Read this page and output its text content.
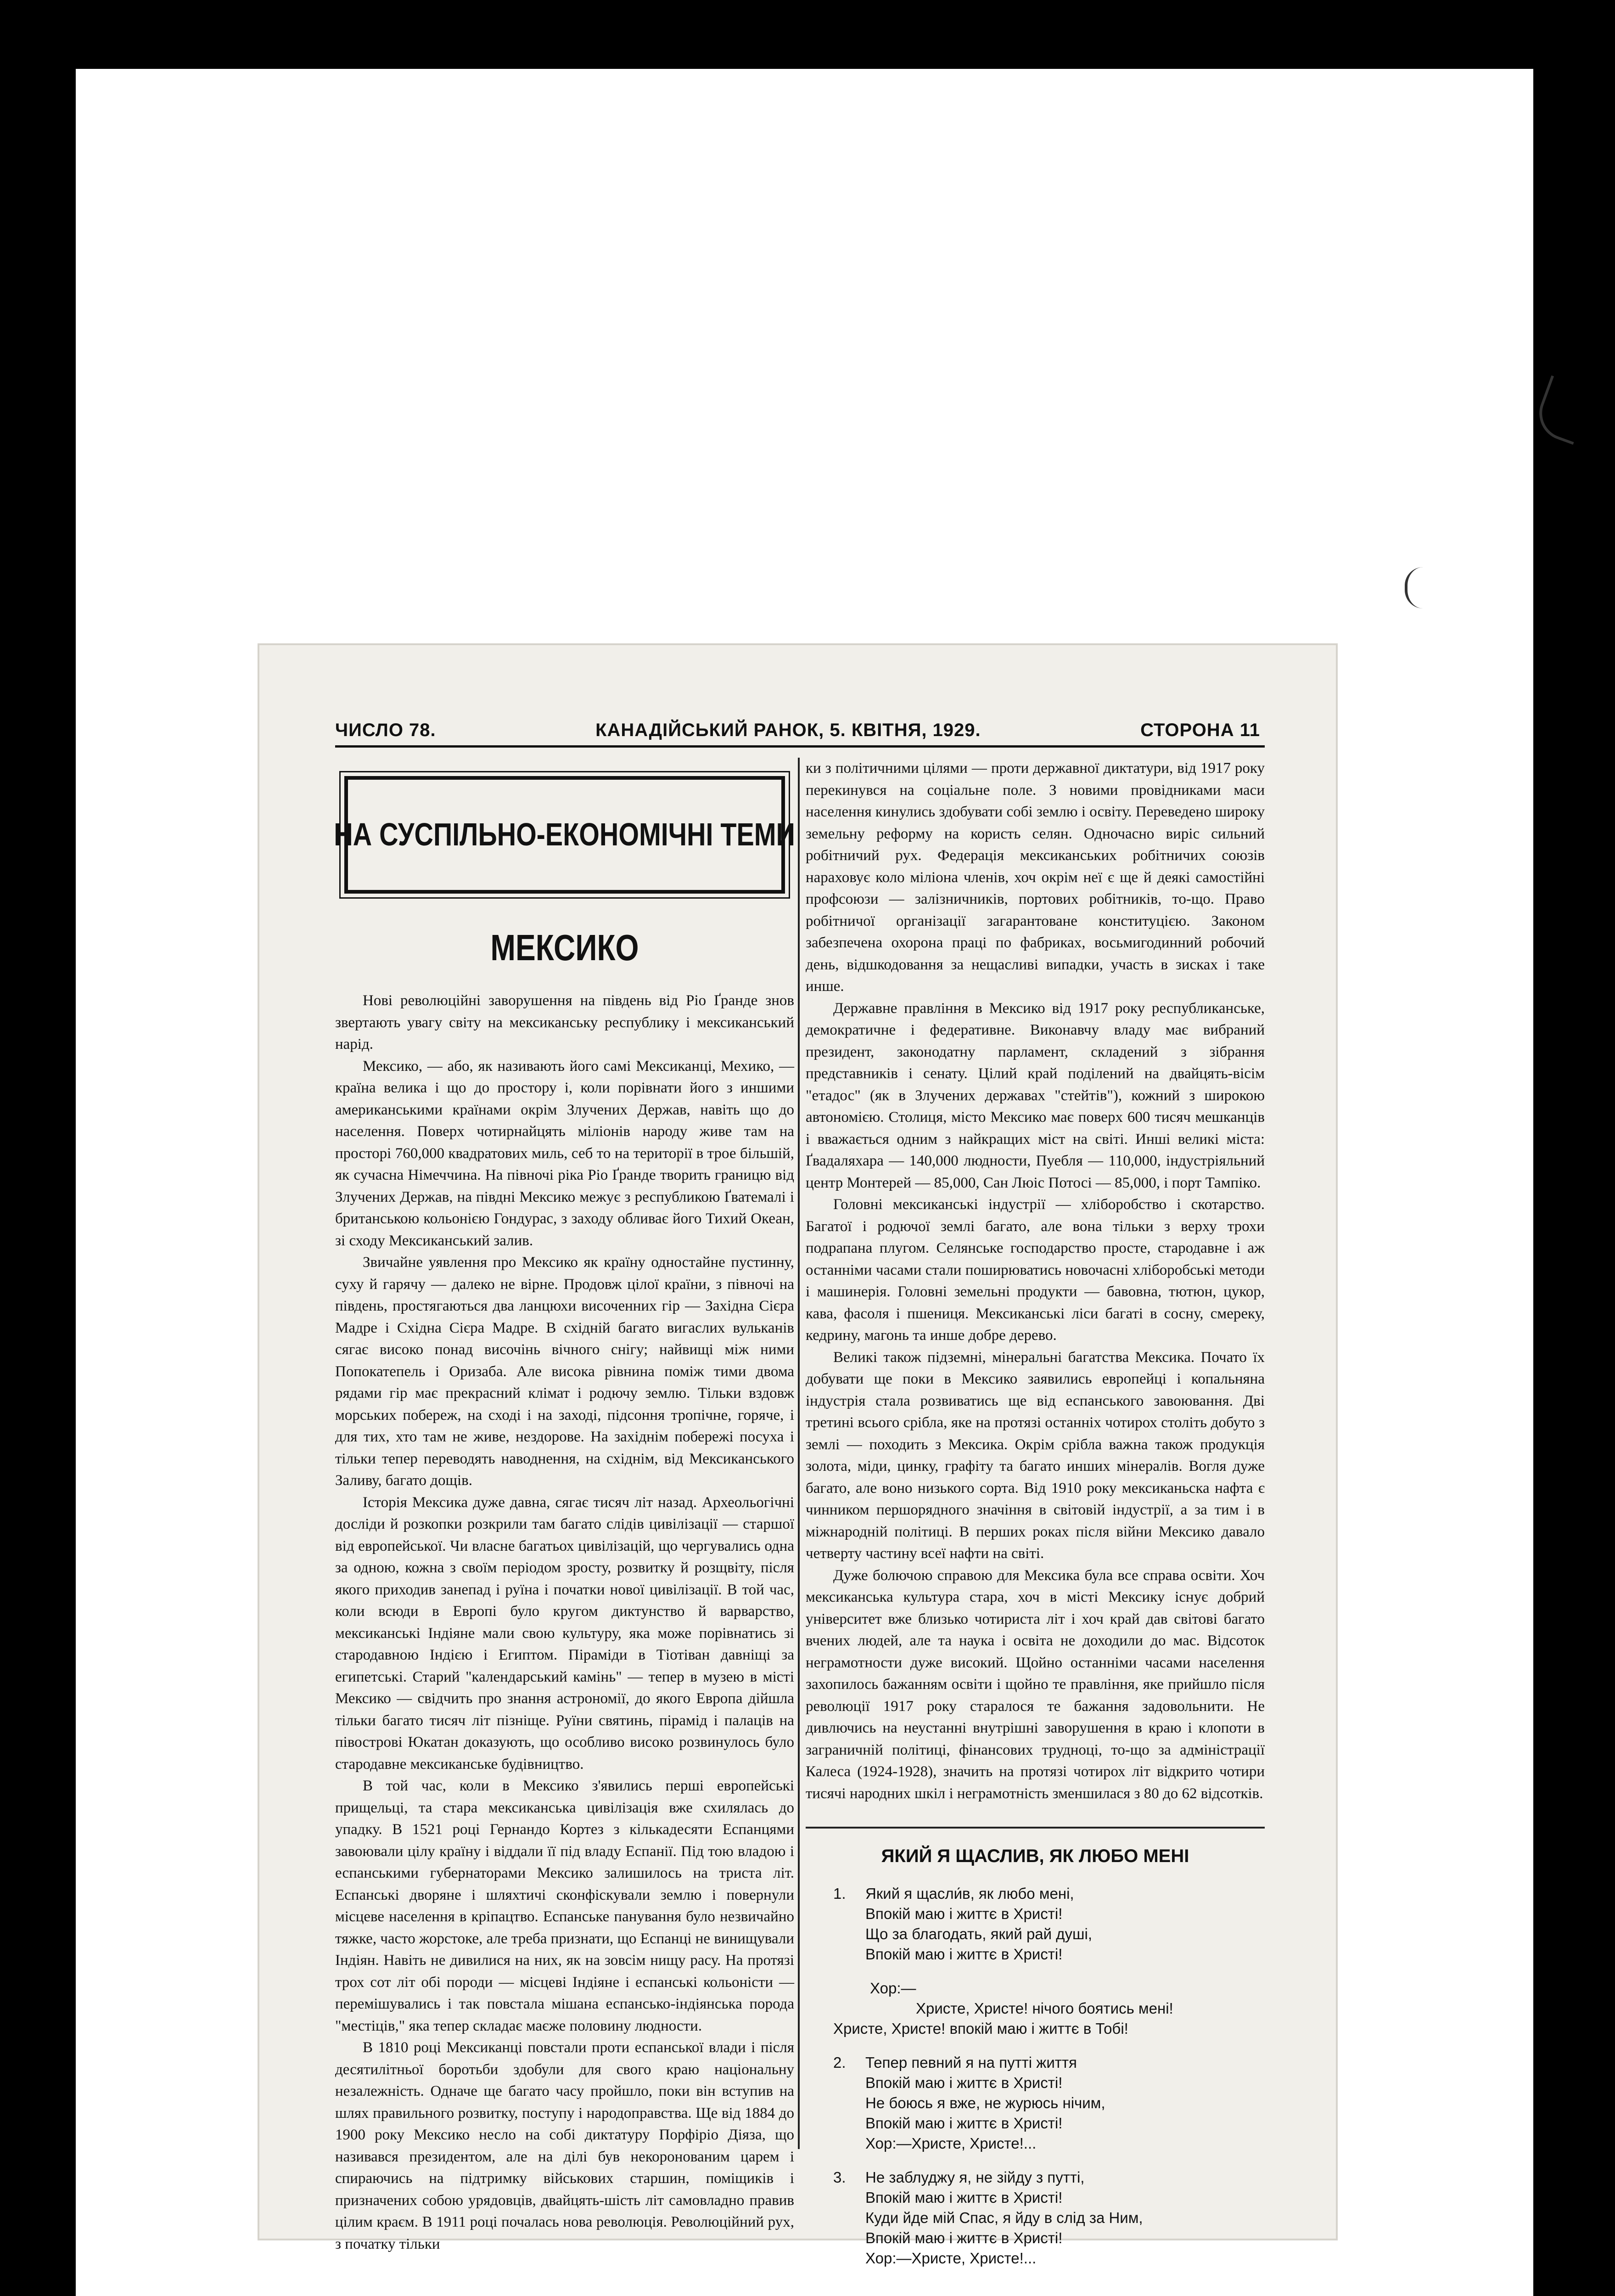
ЧИСЛО 78.	КАНАДІЙСЬКИЙ РАНОК, 5. КВІТНЯ, 1929.	СТОРОНА 11
НА СУСПІЛЬНО-ЕКОНОМІЧНІ ТЕМИ
МЕКСИКО

Нові революційні заворушення на південь від Ріо Ґранде знов звертають увагу світу на мексиканську республику і мексиканський нарід.

Мексико, — або, як називають його самі Мексиканці, Мехико, — країна велика і що до простору і, коли порівнати його з иншими американськими країнами окрім Злучених Держав, навіть що до населення. Поверх чотирнайцять міліонів народу живе там на просторі 760,000 квадратових миль, себ то на території в трое більшій, як сучасна Німеччина. На півночі ріка Ріо Ґранде творить границю від Злучених Держав, на півдні Мексико межує з республикою Ґватемалі і британською кольонією Гондурас, з заходу обливає його Тихий Океан, зі сходу Мексиканський залив.

Звичайне уявлення про Мексико як країну одностайне пустинну, суху й гарячу — далеко не вірне. Продовж цілої країни, з півночі на південь, простягаються два ланцюхи височенних гір — Західна Сієра Мадре і Східна Сієра Мадре. В східній багато вигаслих вульканів сягає високо понад височінь вічного снігу; найвищі між ними Попокатепель і Оризаба. Але висока рівнина поміж тими двома рядами гір має прекрасний клімат і родючу землю. Тільки вздовж морських побереж, на сході і на заході, підсоння тропічне, горяче, і для тих, хто там не живе, нездорове. На західнім побережі посуха і тільки тепер переводять наводнення, на східнім, від Мексиканського Заливу, багато дощів.

Історія Мексика дуже давна, сягає тисяч літ назад. Археольогічні досліди й розкопки розкрили там багато слідів цивілізації — старшої від европейської. Чи власне багатьох цивілізацій, що чергувались одна за одною, кожна з своїм періодом зросту, розвитку й розщвіту, після якого приходив занепад і руїна і початки нової цивілізації. В той час, коли всюди в Европі було кругом диктунство й варварство, мексиканські Індіяне мали свою культуру, яка може порівнатись зі стародавною Індією і Египтом. Піраміди в Тіотіван давніщі за египетські. Старий "календарський камінь" — тепер в музею в місті Мексико — свідчить про знання астрономії, до якого Европа дійшла тільки багато тисяч літ пізніще. Руїни святинь, пірамід і палаців на півострові Юкатан доказують, що особливо високо розвинулось було стародавне мексиканське будівництво.

В той час, коли в Мексико з'явились перші европейські прищельці, та стара мексиканська цивілізація вже схилялась до упадку. В 1521 році Гернандо Кортез з кількадесяти Еспанцями завоювали цілу країну і віддали її під владу Еспанії. Під тою владою і еспанськими губернаторами Мексико залишилось на триста літ. Еспанські дворяне і шляхтичі сконфіскували землю і повернули місцеве населення в кріпацтво. Еспанське панування було незвичайно тяжке, часто жорстоке, але треба признати, що Еспанці не винищували Індіян. Навіть не дивилися на них, як на зовсім нищу расу. На протязі трох сот літ обі породи — місцеві Індіяне і еспанські кольоністи — перемішувались і так повстала мішана еспансько-індіянська порода "местіців," яка тепер складає маєже половину людности.

В 1810 році Мексиканці повстали проти еспанської влади і після десятилітньої боротьби здобули для свого краю національну незалежність. Одначе ще багато часу пройшло, поки він вступив на шлях правильного розвитку, поступу і народоправства. Ще від 1884 до 1900 року Мексико несло на собі диктатуру Порфіріо Діяза, що називався президентом, але на ділі був некоронованим царем і спираючись на підтримку військових старшин, поміщиків і призначених собою урядовців, двайцять-шість літ самовладно правив цілим краєм. В 1911 році почалась нова революція. Революційний рух, з початку тільки

ки з політичними цілями — проти державної диктатури, від 1917 року перекинувся на соціальне поле. З новими провідниками маси населення кинулись здобувати собі землю і освіту. Переведено широку земельну реформу на користь селян. Одночасно виріс сильний робітничий рух. Федерація мексиканських робітничих союзів нараховує коло міліона членів, хоч окрім неї є ще й деякі самостійні профсоюзи — залізничників, портових робітників, то-що. Право робітничої організації загарантоване конституцією. Законом забезпечена охорона праці по фабриках, восьмигодинний робочий день, відшкодовання за нещасливі випадки, участь в зисках і таке инше.

Державне правління в Мексико від 1917 року республиканське, демократичне і федеративне. Виконавчу владу має вибраний президент, законодатну парламент, складений з зібрання представників і сенату. Цілий край поділений на двайцять-вісім "етадос" (як в Злучених державах "стейтів"), кожний з широкою автономією. Столиця, місто Мексико має поверх 600 тисяч мешканців і вважається одним з найкращих міст на світі. Инші великі міста: Ґвадаляхара — 140,000 людности, Пуебля — 110,000, індустріяльний центр Монтерей — 85,000, Сан Люіс Потосі — 85,000, і порт Тампіко.

Головні мексиканські індустрії — хліборобство і скотарство. Багатої і родючої землі багато, але вона тільки з верху трохи подрапана плугом. Селянське господарство просте, стародавне і аж останніми часами стали поширюватись новочасні хліборобські методи і машинерія. Головні земельні продукти — бавовна, тютюн, цукор, кава, фасоля і пшениця. Мексиканські ліси багаті в сосну, смереку, кедрину, магонь та инше добре дерево.

Великі також підземні, мінеральні багатства Мексика. Почато їх добувати ще поки в Мексико заявились европейці і копальняна індустрія стала розвиватись ще від еспанського завоювання. Дві третині всього срібла, яке на протязі останніх чотирох століть добуто з землі — походить з Мексика. Окрім срібла важна також продукція золота, міди, цинку, графіту та багато инших мінералів. Вогля дуже багато, але воно низького сорта. Від 1910 року мексиканьска нафта є чинником першорядного значіння в світовій індустрії, а за тим і в міжнародній політиці. В перших роках після війни Мексико давало четверту частину всеї нафти на світі.

Дуже болючою справою для Мексика була все справа освіти. Хоч мексиканська культура стара, хоч в місті Мексику існує добрий університет вже близько чотириста літ і хоч край дав світові багато вчених людей, але та наука і освіта не доходили до мас. Відсоток неграмотности дуже високий. Щойно останніми часами населення захопилось бажанням освіти і щойно те правління, яке прийшло після революції 1917 року старалося те бажання задовольнити. Не дивлючись на неустанні внутрішні заворушення в краю і клопоти в заграничній політиці, фінансових трудноці, то-що за адміністрації Калеса (1924-1928), значить на протязі чотирох літ відкрито чотири тисячі народних шкіл і неграмотність зменшилася з 80 до 62 відсотків.

ЯКИЙ Я ЩАСЛИВ, ЯК ЛЮБО МЕНІ
1.	Який я щасли́в, як любо мені,
Впокій маю і життє в Христі!
Що за благодать, який рай душі,
Впокій маю і життє в Христі!
Хор:—
Христе, Христе! нічого боятись мені!
Христе, Христе! впокій маю і життє в Тобі!
2.	Тепер певний я на путті життя
Впокій маю і життє в Христі!
Не боюсь я вже, не журюсь нічим,
Впокій маю і життє в Христі!
Хор:—Христе, Христе!...
3.	Не заблуджу я, не зійду з путті,
Впокій маю і життє в Христі!
Куди йде мій Спас, я йду в слід за Ним,
Впокій маю і життє в Христі!
Хор:—Христе, Христе!...
